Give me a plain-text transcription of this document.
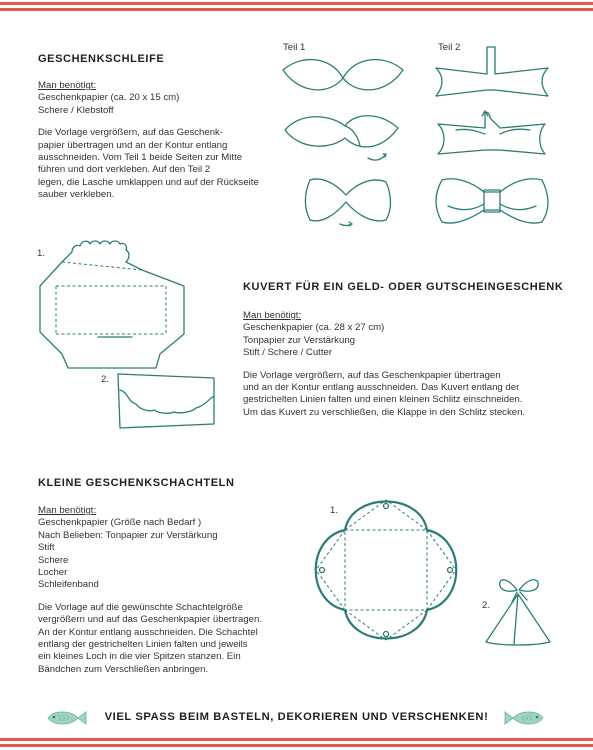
GESCHENKSCHLEIFE
Man benötigt:
Geschenkpapier (ca. 20 x 15 cm)
Schere / Klebstoff

Die Vorlage vergrößern, auf das Geschenk-
papier übertragen und an der Kontur entlang
ausschneiden. Vom Teil 1 beide Seiten zur Mitte
führen und dort verkleben. Auf den Teil 2
legen, die Lasche umklappen und auf der Rückseite
sauber verkleben.

Teil 1	Teil 2
1.
2.
KUVERT FÜR EIN GELD- ODER GUTSCHEINGESCHENK
Man benötigt:
Geschenkpapier (ca. 28 x 27 cm)
Tonpapier zur Verstärkung
Stift / Schere / Cutter

Die Vorlage vergrößern, auf das Geschenkpapier übertragen
und an der Kontur entlang ausschneiden. Das Kuvert entlang der
gestrichelten Linien falten und einen kleinen Schlitz einschneiden.
Um das Kuvert zu verschließen, die Klappe in den Schlitz stecken.

KLEINE GESCHENKSCHACHTELN
Man benötigt:
Geschenkpapier (Größe nach Bedarf )
Nach Belieben: Tonpapier zur Verstärkung
Stift
Schere
Locher
Schleifenband

Die Vorlage auf die gewünschte Schachtelgröße
vergrößern und auf das Geschenkpapier übertragen.
An der Kontur entlang ausschneiden. Die Schachtel
entlang der gestrichelten Linien falten und jeweils
ein kleines Loch in die vier Spitzen stanzen. Ein
Bändchen zum Verschließen anbringen.

1.
2.
VIEL SPASS BEIM BASTELN, DEKORIEREN UND VERSCHENKEN!
